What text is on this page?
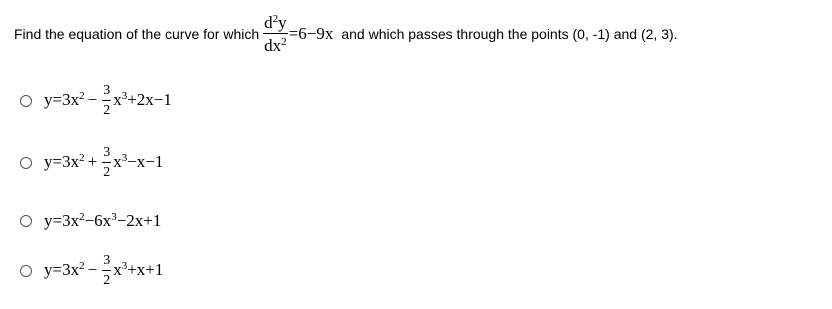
Find the equation of the curve for which $\frac{d^2y}{dx^2} =6-9x$ and which passes through the points (0, -1) and (2, 3).
$y=3x^2 - \frac{3}{2} x^3+2x-1$
$y=3x^2 + \frac{3}{2} x^3-x-1$
$y=3x^2-6x^3-2x+1$
$y=3x^2 - \frac{3}{2} x^3+x+1$
